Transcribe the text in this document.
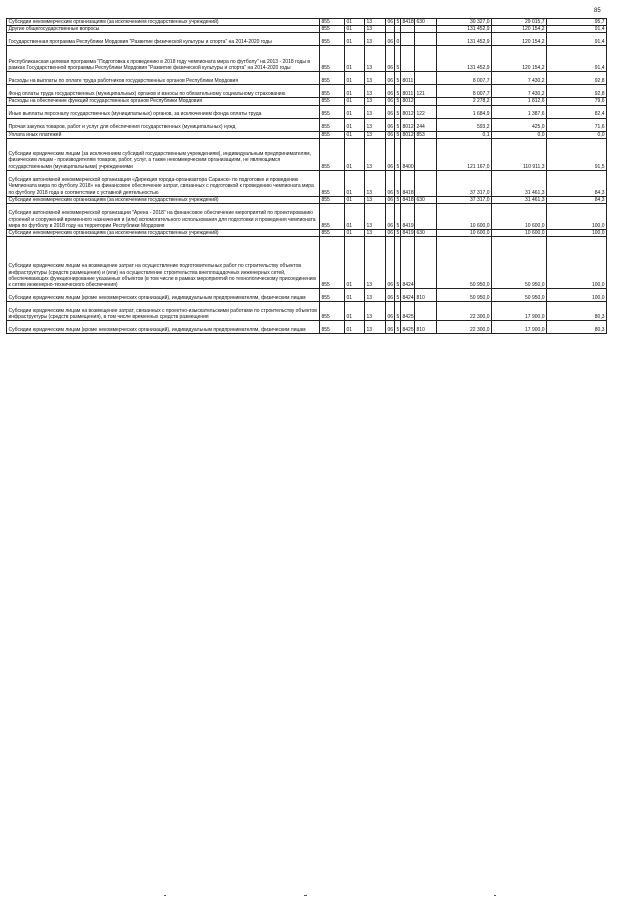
85
Субсидии некоммерческим организациям (за исключением государственных учреждений)	855	01	13	06	5	8418	630	30 327,0	29 015,7	95,7
Другие общегосударственные вопросы	855	01	13					131 452,9	120 154,2	91,4
Государственная программа Республики Мордовия "Развитие физической культуры и спорта" на 2014-2020 годы	855	01	13	06	0			131 452,9	120 154,2	91,4
Республиканская целевая программа "Подготовка к проведению в 2018 году чемпионата мира по футболу" на 2013 - 2018 годы в рамках Государственной программы Республики Мордовия "Развитие физической культуры и спорта" на 2014-2020 годы	855	01	13	06	5			131 452,9	120 154,2	91,4
Расходы на выплаты по оплате труда работников государственных органов Республики Мордовия	855	01	13	06	5	8011		8 007,7	7 430,2	92,8
Фонд оплаты труда государственных (муниципальных) органов и взносы по обязательному социальному страхованию	855	01	13	06	5	8011	121	8 007,7	7 430,2	92,8
Расходы на обеспечение функций государственных органов Республики Мордовия	855	01	13	06	5	8012		2 278,2	1 812,6	79,6
Иные выплаты персоналу государственных (муниципальных) органов, за исключением фонда оплаты труда	855	01	13	06	5	8012	122	1 684,9	1 387,6	82,4
Прочая закупка товаров, работ и услуг для обеспечения государственных (муниципальных) нужд	855	01	13	06	5	8012	244	593,2	425,0	71,6
Уплата иных платежей	855	01	13	06	5	8012	853	0,1	0,0	0,0
Субсидии юридическим лицам (за исключением субсидий государственным учреждениям), индивидуальным предпринимателям, физическим лицам - производителям товаров, работ, услуг, а также некоммерческим организациям, не являющимся государственными (муниципальными) учреждениями	855	01	13	06	5	8400		121 167,0	110 911,3	91,5
Субсидия автономной некоммерческой организации «Дирекция города-организатора Саранск» по подготовке и проведению Чемпионата мира по футболу 2018» на финансовое обеспечение затрат, связанных с подготовкой к проведению чемпионата мира по футболу 2018 года в соответствии с уставной деятельностью	855	01	13	06	5	8418		37 317,0	31 461,3	84,3
Субсидии некоммерческим организациям (за исключением государственных учреждений)	855	01	13	06	5	8418	630	37 317,0	31 461,3	84,3
Субсидия автономной некоммерческой организации "Арена - 2018" на финансовое обеспечение мероприятий по проектированию строений и сооружений временного назначения и (или) вспомогательного использования для подготовки и проведения чемпионата мира по футболу в 2018 году на территории Республики Мордовия	855	01	13	06	5	8419		10 600,0	10 600,0	100,0
Субсидии некоммерческим организациям (за исключением государственных учреждений)	855	01	13	06	5	8419	630	10 600,0	10 600,0	100,0
Субсидии юридическим лицам на возмещение затрат на осуществление подготовительных работ по строительству объектов инфраструктуры (средств размещения) и (или) на осуществление строительства внеплощадочных инженерных сетей, обеспечивающих функционирование указанных объектов (в том числе в рамках мероприятий по технологическому присоединению к сетям инженерно-технического обеспечения)	855	01	13	06	5	8424		50 950,0	50 950,0	100,0
Субсидии юридическим лицам (кроме некоммерческих организаций), индивидуальным предпринимателям, физическим лицам	855	01	13	06	5	8424	810	50 950,0	50 950,0	100,0
Субсидии юридическим лицам на возмещение затрат, связанных с проектно-изыскательскими работами по строительству объектов инфраструктуры (средств размещения), в том числе временных средств размещения	855	01	13	06	5	8425		22 300,0	17 900,0	80,3
Субсидии юридическим лицам (кроме некоммерческих организаций), индивидуальным предпринимателям, физическим лицам	855	01	13	06	5	8425	810	22 300,0	17 900,0	80,3
